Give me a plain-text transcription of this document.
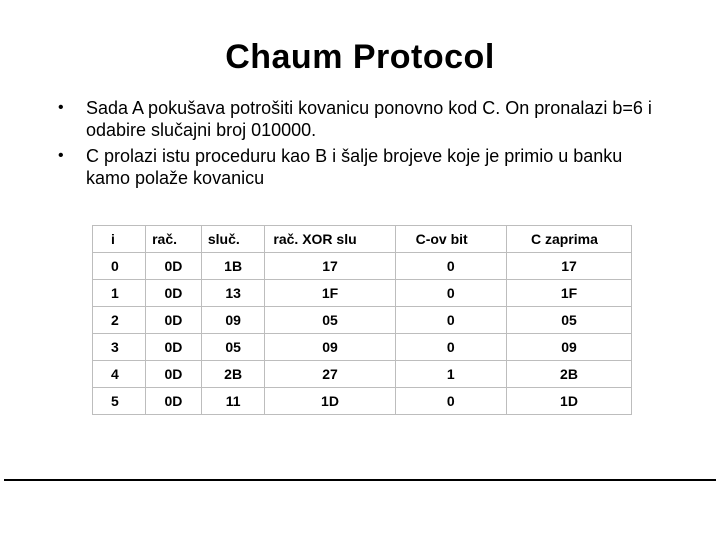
Chaum Protocol
• Sada A pokušava potrošiti kovanicu ponovno kod C. On pronalazi b=6 i odabire slučajni broj 010000.
• C prolazi istu proceduru kao B i šalje brojeve koje je primio u banku kamo polaže kovanicu
i	rač.	sluč.	rač. XOR slu	C-ov bit	C zaprima
0	0D	1B	17	0	17
1	0D	13	1F	0	1F
2	0D	09	05	0	05
3	0D	05	09	0	09
4	0D	2B	27	1	2B
5	0D	11	1D	0	1D
